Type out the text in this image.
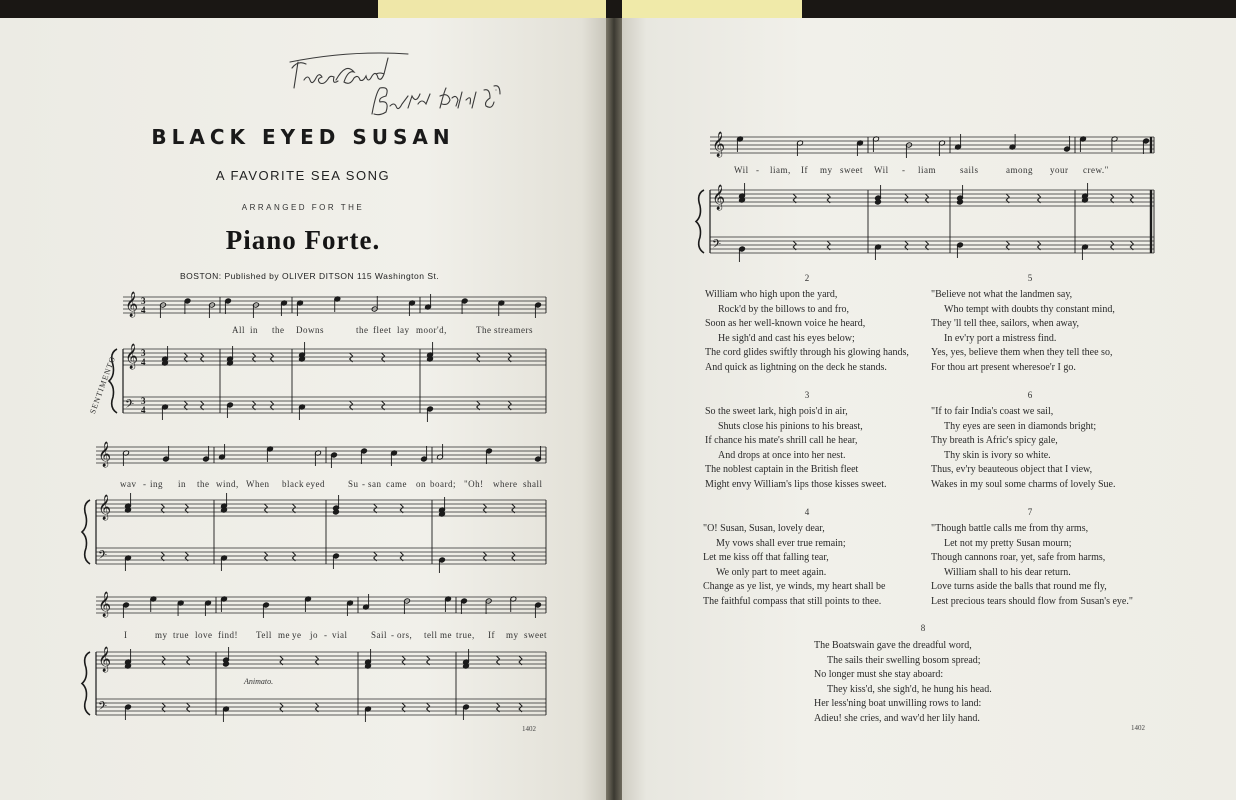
BLACK EYED SUSAN
A FAVORITE SEA SONG
ARRANGED FOR THE
Piano Forte.
BOSTON: Published by OLIVER DITSON 115 Washington St.
𝄞
𝄞
𝄢
3
4
3
4
3
4
𝄞
𝄞
𝄢
𝄞
𝄞
𝄢
𝄞
𝄞
𝄢
SENTIMENTO
Animato.
All in the Downs	the fleet lay moor'd,	The streamers
wav - ing in the wind, When black eyed	Su - san came on board; "Oh! where shall
I	my true love find! Tell me ye jo - vial	Sail - ors, tell me true, If my sweet
1402
Wil - liam, If my sweet Wil - liam	sails	among your crew."
2
William who high upon the yard,
Rock'd by the billows to and fro,
Soon as her well-known voice he heard,
He sigh'd and cast his eyes below;
The cord glides swiftly through his glowing hands,
And quick as lightning on the deck he stands.
3
So the sweet lark, high pois'd in air,
Shuts close his pinions to his breast,
If chance his mate's shrill call he hear,
And drops at once into her nest.
The noblest captain in the British fleet
Might envy William's lips those kisses sweet.
4
"O! Susan, Susan, lovely dear,
My vows shall ever true remain;
Let me kiss off that falling tear,
We only part to meet again.
Change as ye list, ye winds, my heart shall be
The faithful compass that still points to thee.
5
"Believe not what the landmen say,
Who tempt with doubts thy constant mind,
They 'll tell thee, sailors, when away,
In ev'ry port a mistress find.
Yes, yes, believe them when they tell thee so,
For thou art present wheresoe'r I go.
6
"If to fair India's coast we sail,
Thy eyes are seen in diamonds bright;
Thy breath is Afric's spicy gale,
Thy skin is ivory so white.
Thus, ev'ry beauteous object that I view,
Wakes in my soul some charms of lovely Sue.
7
"Though battle calls me from thy arms,
Let not my pretty Susan mourn;
Though cannons roar, yet, safe from harms,
William shall to his dear return.
Love turns aside the balls that round me fly,
Lest precious tears should flow from Susan's eye."
8
The Boatswain gave the dreadful word,
The sails their swelling bosom spread;
No longer must she stay aboard:
They kiss'd, she sigh'd, he hung his head.
Her less'ning boat unwilling rows to land:
Adieu! she cries, and wav'd her lily hand.
1402
